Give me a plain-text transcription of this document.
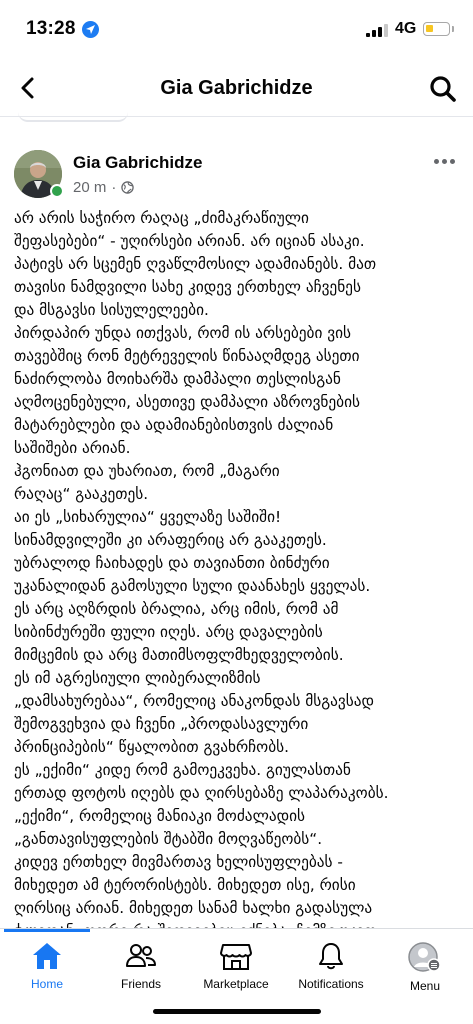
13:28	4G
Gia Gabrichidze
Gia Gabrichidze
20 m ·
არ არის საჭირო რაღაც „ძიმაკრაწიული
შეფასებები“ - უღირსები არიან. არ იციან ასაკი.
პატივს არ სცემენ ღვაწლმოსილ ადამიანებს. მათ
თავისი ნამდვილი სახე კიდევ ერთხელ აჩვენეს
და მსგავსი სისულელეები.
პირდაპირ უნდა ითქვას, რომ ის არსებები ვის
თავებშიც რონ მეტრეველის წინააღმდეგ ასეთი
ნაძირლობა მოიხარშა დამპალი თესლისგან
აღმოცენებული, ასეთივე დამპალი აზროვნების
მატარებლები და ადამიანებისთვის ძალიან
საშიშები არიან.
ჰგონიათ და უხარიათ, რომ „მაგარი
რაღაც“ გააკეთეს.
აი ეს „სიხარულია“ ყველაზე საშიში!
სინამდვილეში კი არაფერიც არ გააკეთეს.
უბრალოდ ჩაიხადეს და თავიანთი ბინძური
უკანალიდან გამოსული სული დაანახეს ყველას.
ეს არც აღზრდის ბრალია, არც იმის, რომ ამ
სიბინძურეში ფული იღეს. არც დავალების
მიმცემის და არც მათიმსოფლმხედველობის.
ეს იმ აგრესიული ლიბერალიზმის
„დამსახურებაა“, რომელიც ანაკონდას მსგავსად
შემოგვეხვია და ჩვენი „პროდასავლური
პრინციპების“ წყალობით გვახრჩობს.
ეს „ექიმი“ კიდე რომ გამოეკვეხა. გიულასთან
ერთად ფოტოს იღებს და ღირსებაზე ლაპარაკობს.
„ექიმი“, რომელიც მანიაკი მოძალადის
„განთავისუფლების შტაბში მოღვაწეობს“.
კიდევ ერთხელ მივმართავ ხელისუფლებას -
მიხედეთ ამ ტერორისტებს. მიხედეთ ისე, რისი
ღირსიც არიან. მიხედეთ სანამ ხალხი გადასულა
Home	Friends	Marketplace	Notifications	Menu
